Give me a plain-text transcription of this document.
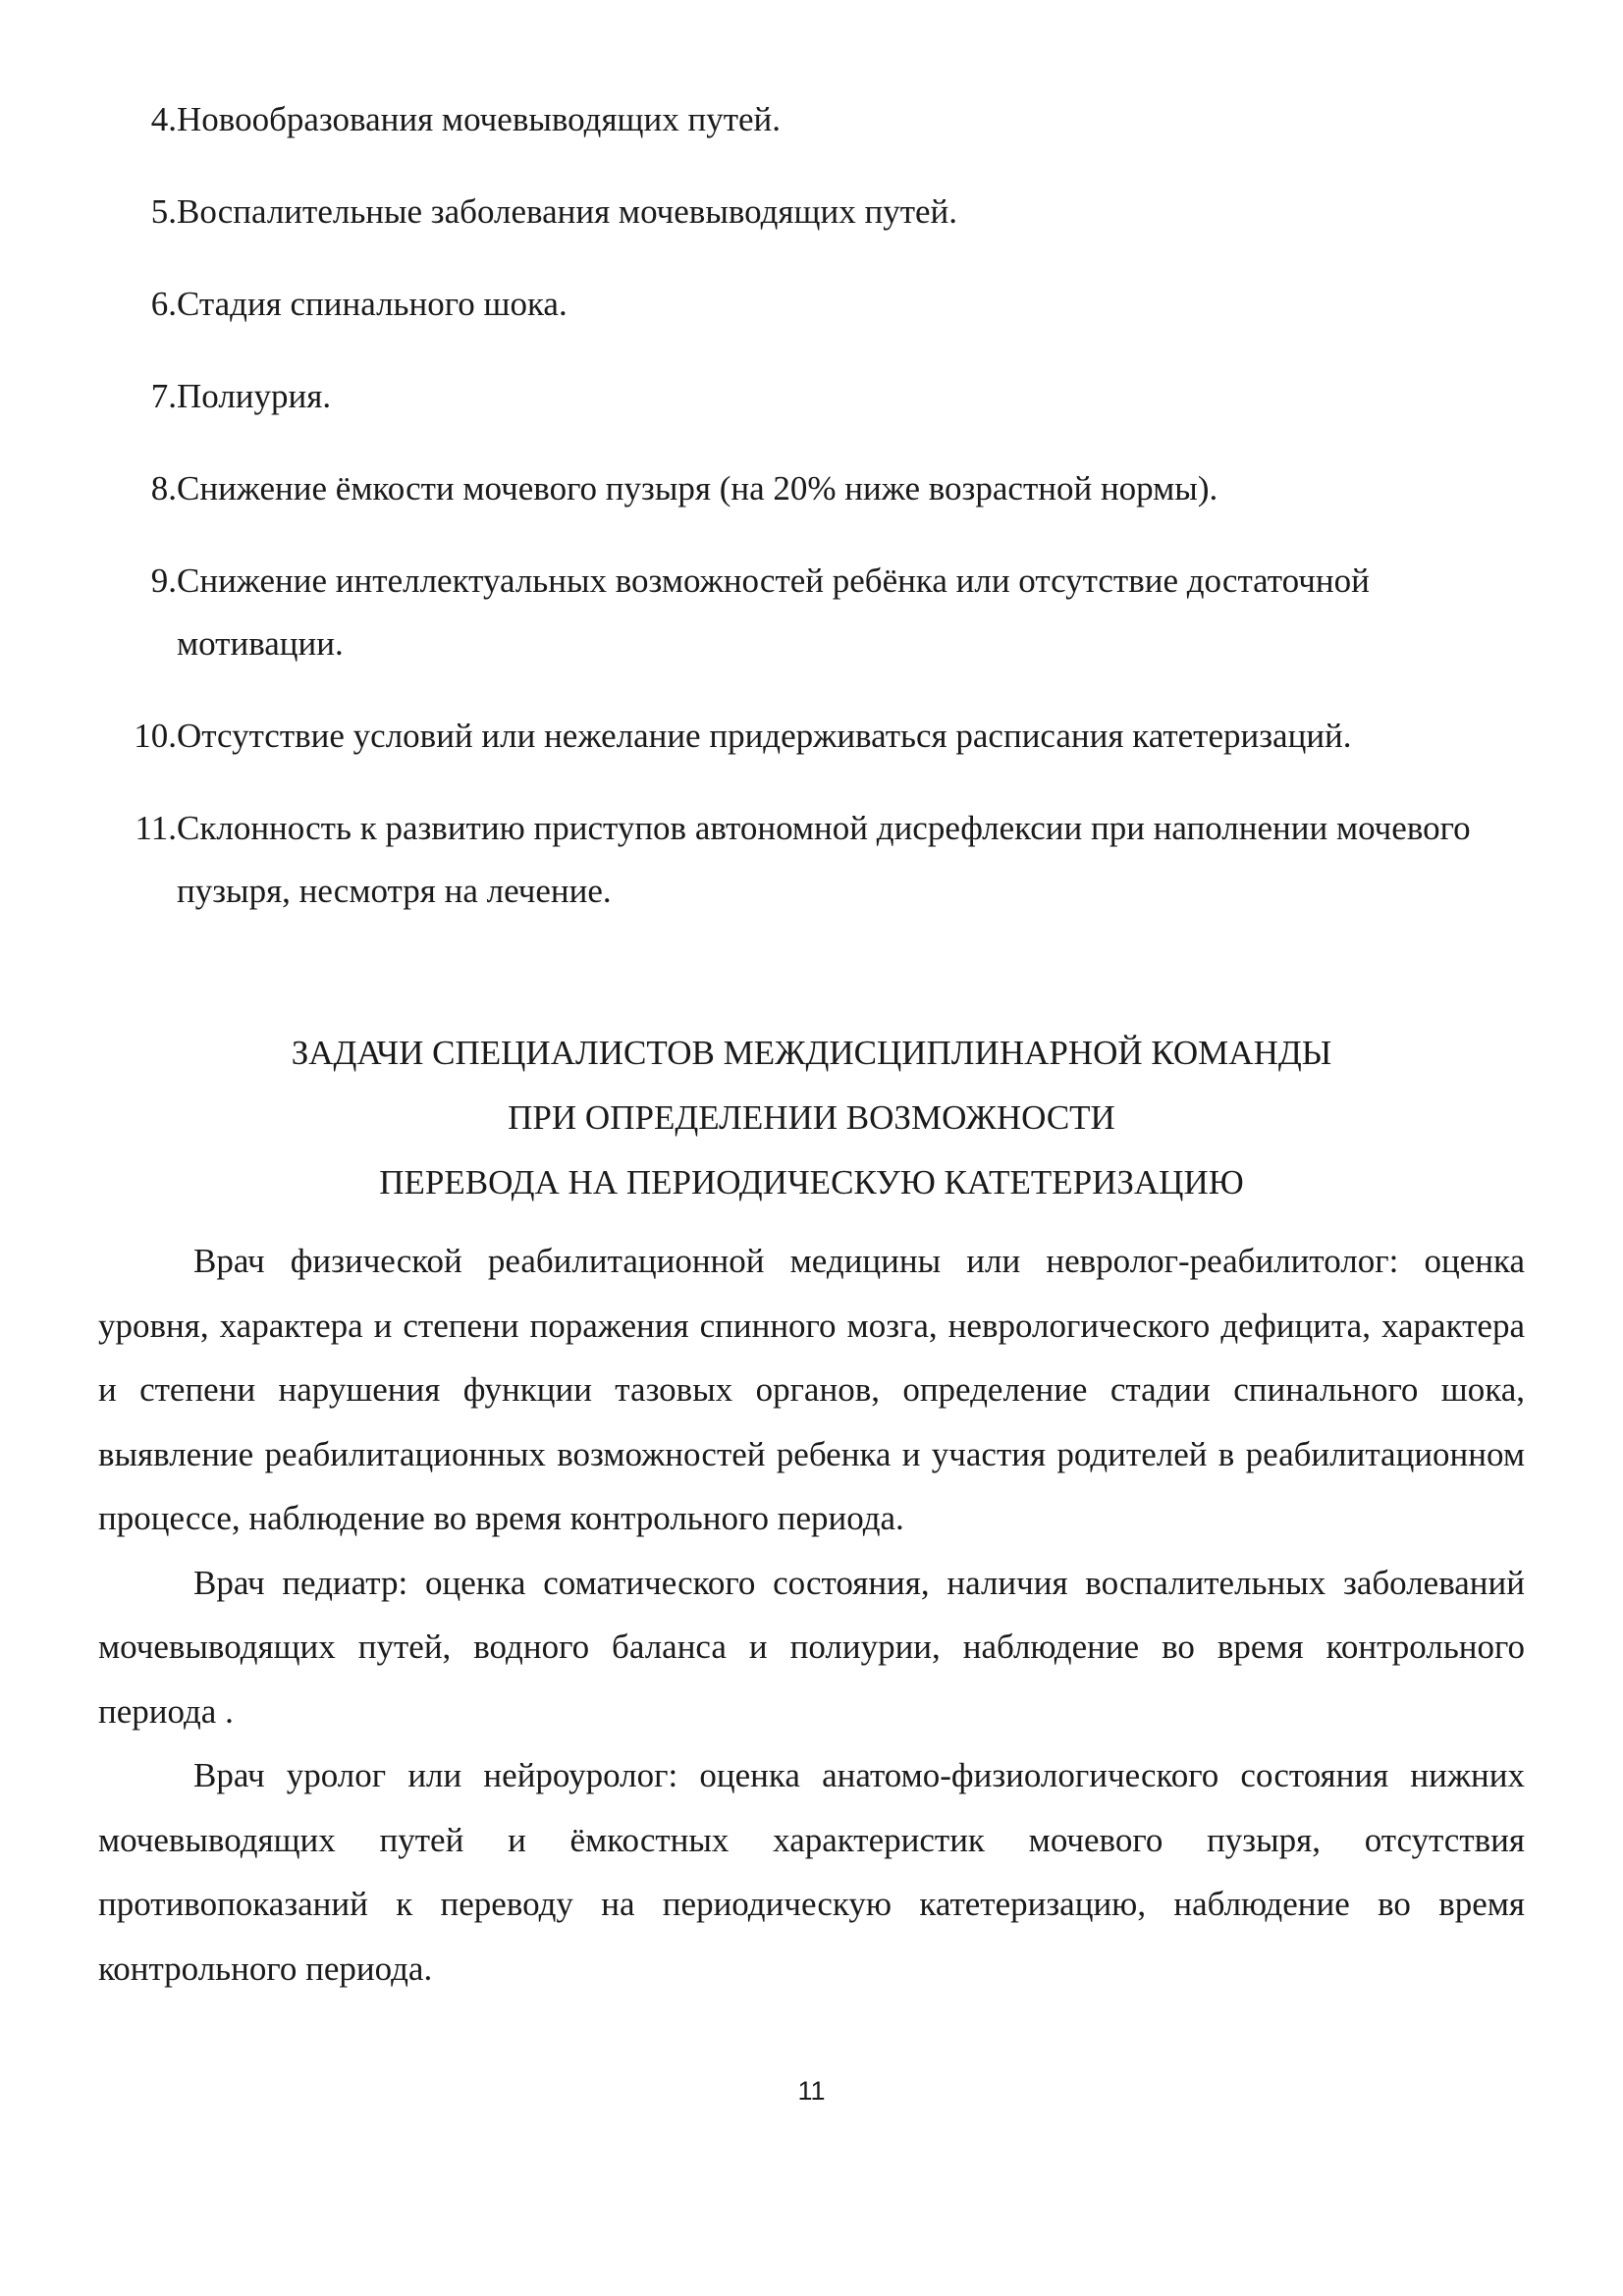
4. Новообразования мочевыводящих путей.
5. Воспалительные заболевания мочевыводящих путей.
6. Стадия спинального шока.
7. Полиурия.
8. Снижение ёмкости мочевого пузыря (на 20% ниже возрастной нормы).
9. Снижение интеллектуальных возможностей ребёнка или отсутствие достаточной мотивации.
10. Отсутствие условий или нежелание придерживаться расписания катетеризаций.
11. Склонность к развитию приступов автономной дисрефлексии при наполнении мочевого пузыря, несмотря на лечение.
ЗАДАЧИ СПЕЦИАЛИСТОВ МЕЖДИСЦИПЛИНАРНОЙ КОМАНДЫ
ПРИ ОПРЕДЕЛЕНИИ ВОЗМОЖНОСТИ
ПЕРЕВОДА НА ПЕРИОДИЧЕСКУЮ КАТЕТЕРИЗАЦИЮ

Врач физической реабилитационной медицины или невролог-реабилитолог: оценка уровня, характера и степени поражения спинного мозга, неврологического дефицита, характера и степени нарушения функции тазовых органов, определение стадии спинального шока, выявление реабилитационных возможностей ребенка и участия родителей в реабилитационном процессе, наблюдение во время контрольного периода.

Врач педиатр: оценка соматического состояния, наличия воспалительных заболеваний мочевыводящих путей, водного баланса и полиурии, наблюдение во время контрольного периода .

Врач уролог или нейроуролог: оценка анатомо-физиологического состояния нижних мочевыводящих путей и ёмкостных характеристик мочевого пузыря, отсутствия противопоказаний к переводу на периодическую катетеризацию, наблюдение во время контрольного периода.

11
